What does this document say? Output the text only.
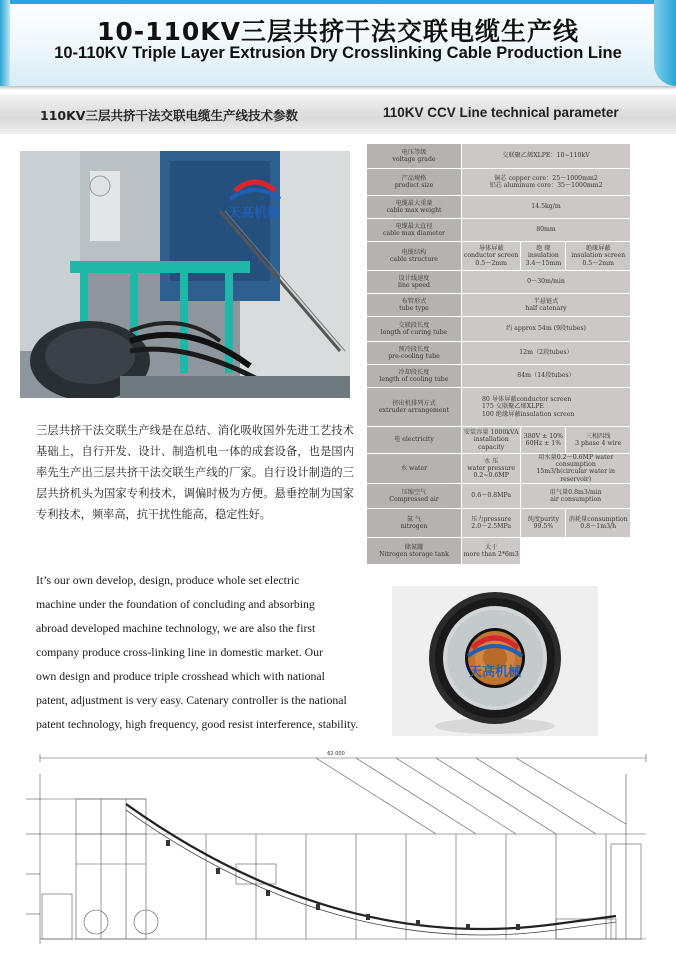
10-110KV三层共挤干法交联电缆生产线
10-110KV Triple Layer Extrusion Dry Crosslinking Cable Production Line
110KV三层共挤干法交联电缆生产线技术参数	110KV CCV Line technical parameter
天高机械
电压等级
voltage grade	交联聚乙烯XLPE：10~110kV		
产品规格
product size	铜芯 copper core：25～1000mm2
铝芯 aluminum core：35～1000mm2		
电缆最大重量
cable max weight	14.5kg/m		
电缆最大直径
cable max diameter	80mm		
电缆结构
cable structure	导体屏蔽
conductor screen
0.5～2mm	绝 缘
insulation
3.4～15mm	绝缘屏蔽
insulation screen
0.5～2mm
设计线速度
line speed	0～30m/min		
布管形式
tube type	半悬链式
half catenary		
交联段长度
length of curing tube	约 approx 54m (9段tubes)		
预冷段长度
pre-cooling tube	12m（2段tubes）		
冷却段长度
length of cooling tube	84m（14段tubes）		
挤出机排列方式
extruder arrangement	80 导体屏蔽conductor screen
175 交联聚乙烯XLPE
100 绝缘屏蔽insulation screen		
电 electricity	安装容量 1000kVA
installation capacity	380V ± 10%
60Hz ± 1%	三相四线
3 phase 4 wire
水 water	水 压
water pressure
0.2~0.6MP	用水量0.2～0.6MP water consumption
15m3/h(circular water in reservoir)	
压缩空气
Compressed air	0.6～0.8MPa	用气量0.8m3/min
air consumption	
氮 气
nitrogen	压力pressure
2.0～2.5MPa	纯度purity
99.5%	消耗量consumption
0.8～1m3/h
储氮罐
Nitrogen storage tank	大于
more than 2*6m3		
三层共挤干法交联生产线是在总结、消化吸收国外先进工艺技术基础上，自行开发、设计、制造机电一体的成套设备，也是国内率先生产出三层共挤干法交联生产线的厂家。自行设计制造的三层共挤机头为国家专利技术，调偏时极为方便。悬垂控制为国家专利技术，频率高，抗干扰性能高，稳定性好。
It’s our own develop, design, produce whole set electric
machine under the foundation of concluding and absorbing
abroad developed machine technology, we are also the first
company produce cross-linking line in domestic market. Our
own design and produce triple crosshead which with national
patent, adjustment is very easy. Catenary controller is the national
patent technology, high frequency, good resist interference, stability.
天高机械
62.000
